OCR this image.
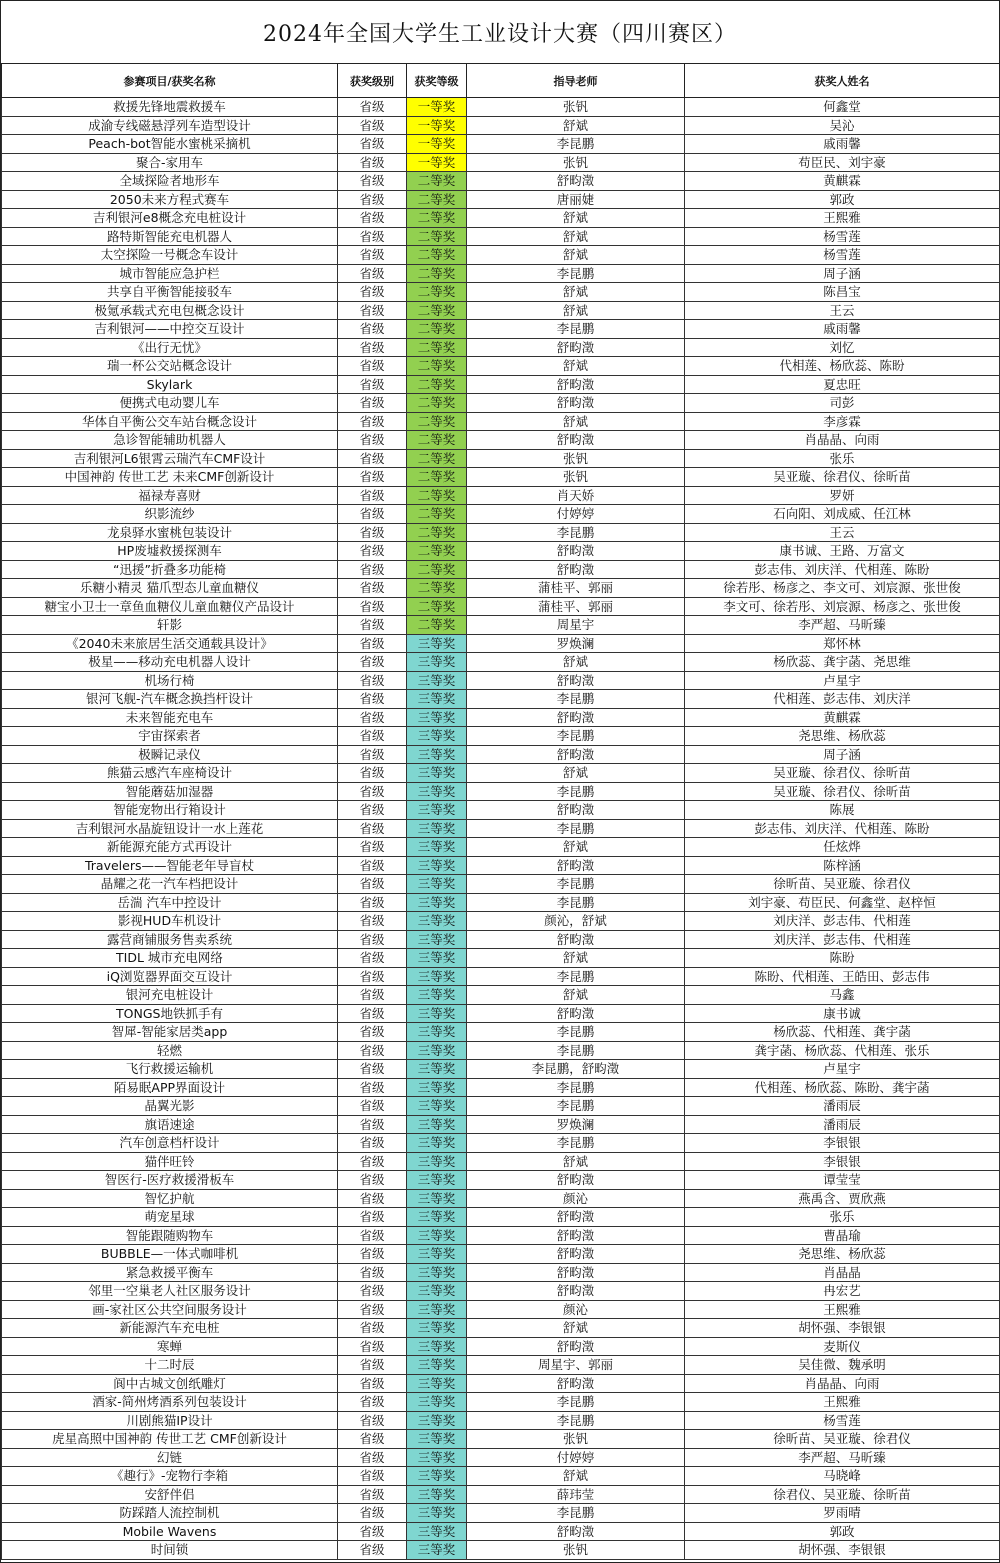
2024年全国大学生工业设计大赛（四川赛区）
参赛项目/获奖名称	获奖级别	获奖等级	指导老师	获奖人姓名
救援先锋地震救援车	省级	一等奖	张钒	何鑫堂
成渝专线磁悬浮列车造型设计	省级	一等奖	舒斌	吴沁
Peach-bot智能水蜜桃采摘机	省级	一等奖	李昆鹏	戚雨馨
聚合-家用车	省级	一等奖	张钒	苟臣民、刘宇豪
全域探险者地形车	省级	二等奖	舒畇澂	黄麒霖
2050未来方程式赛车	省级	二等奖	唐丽婕	郭政
吉利银河e8概念充电桩设计	省级	二等奖	舒斌	王熙雅
路特斯智能充电机器人	省级	二等奖	舒斌	杨雪莲
太空探险一号概念车设计	省级	二等奖	舒斌	杨雪莲
城市智能应急护栏	省级	二等奖	李昆鹏	周子涵
共享自平衡智能接驳车	省级	二等奖	舒斌	陈昌宝
极氪承载式充电包概念设计	省级	二等奖	舒斌	王云
吉利银河——中控交互设计	省级	二等奖	李昆鹏	戚雨馨
《出行无忧》	省级	二等奖	舒畇澂	刘忆
瑞一杯公交站概念设计	省级	二等奖	舒斌	代相莲、杨欣蕊、陈盼
Skylark	省级	二等奖	舒畇澂	夏忠旺
便携式电动婴儿车	省级	二等奖	舒畇澂	司彭
华体自平衡公交车站台概念设计	省级	二等奖	舒斌	李彦霖
急诊智能辅助机器人	省级	二等奖	舒畇澂	肖晶晶、向雨
吉利银河L6银霄云瑞汽车CMF设计	省级	二等奖	张钒	张乐
中国神韵 传世工艺 未来CMF创新设计	省级	二等奖	张钒	吴亚璇、徐君仪、徐昕苗
福禄寿喜财	省级	二等奖	肖天娇	罗妍
织影流纱	省级	二等奖	付婷婷	石向阳、刘成威、任江林
龙泉驿水蜜桃包装设计	省级	二等奖	李昆鹏	王云
HP废墟救援探测车	省级	二等奖	舒畇澂	康书诚、王路、万富文
“迅援”折叠多功能椅	省级	二等奖	舒畇澂	彭志伟、刘庆洋、代相莲、陈盼
乐糖小精灵 猫爪型态儿童血糖仪	省级	二等奖	蒲桂平、郭丽	徐若彤、杨彦之、李文可、刘宸源、张世俊
糖宝小卫士一章鱼血糖仪儿童血糖仪产品设计	省级	二等奖	蒲桂平、郭丽	李文可、徐若彤、刘宸源、杨彦之、张世俊
轩影	省级	二等奖	周星宇	李严超、马昕臻
《2040未来旅居生活交通载具设计》	省级	三等奖	罗焕澜	郑怀林
极星——移动充电机器人设计	省级	三等奖	舒斌	杨欣蕊、龚宇菡、尧思维
机场行椅	省级	三等奖	舒畇澂	卢星宇
银河飞舰-汽车概念换挡杆设计	省级	三等奖	李昆鹏	代相莲、彭志伟、刘庆洋
未来智能充电车	省级	三等奖	舒畇澂	黄麒霖
宇宙探索者	省级	三等奖	李昆鹏	尧思维、杨欣蕊
极瞬记录仪	省级	三等奖	舒畇澂	周子涵
熊猫云感汽车座椅设计	省级	三等奖	舒斌	吴亚璇、徐君仪、徐昕苗
智能蘑菇加湿器	省级	三等奖	李昆鹏	吴亚璇、徐君仪、徐昕苗
智能宠物出行箱设计	省级	三等奖	舒畇澂	陈展
吉利银河水晶旋钮设计一水上莲花	省级	三等奖	李昆鹏	彭志伟、刘庆洋、代相莲、陈盼
新能源充能方式再设计	省级	三等奖	舒斌	任炫烨
Travelers——智能老年导盲杖	省级	三等奖	舒畇澂	陈梓涵
晶耀之花一汽车档把设计	省级	三等奖	李昆鹏	徐昕苗、吴亚璇、徐君仪
岳湍 汽车中控设计	省级	三等奖	李昆鹏	刘宇豪、苟臣民、何鑫堂、赵梓恒
影视HUD车机设计	省级	三等奖	颜沁，舒斌	刘庆洋、彭志伟、代相莲
露营商铺服务售卖系统	省级	三等奖	舒畇澂	刘庆洋、彭志伟、代相莲
TIDL 城市充电网络	省级	三等奖	舒斌	陈盼
iQ浏览器界面交互设计	省级	三等奖	李昆鹏	陈盼、代相莲、王皓田、彭志伟
银河充电桩设计	省级	三等奖	舒斌	马鑫
TONGS地铁抓手有	省级	三等奖	舒畇澂	康书诚
智犀-智能家居类app	省级	三等奖	李昆鹏	杨欣蕊、代相莲、龚宇菡
轻燃	省级	三等奖	李昆鹏	龚宇菡、杨欣蕊、代相莲、张乐
飞行救援运输机	省级	三等奖	李昆鹏，舒畇澂	卢星宇
陌易眠APP界面设计	省级	三等奖	李昆鹏	代相莲、杨欣蕊、陈盼、龚宇菡
晶翼光影	省级	三等奖	李昆鹏	潘雨辰
旗语速途	省级	三等奖	罗焕澜	潘雨辰
汽车创意档杆设计	省级	三等奖	李昆鹏	李银银
猫伴旺铃	省级	三等奖	舒斌	李银银
智医行-医疗救援滑板车	省级	三等奖	舒畇澂	谭莹莹
智忆护航	省级	三等奖	颜沁	燕禹含、贾欣燕
萌宠星球	省级	三等奖	舒畇澂	张乐
智能跟随购物车	省级	三等奖	舒畇澂	曹晶瑜
BUBBLE—一体式咖啡机	省级	三等奖	舒畇澂	尧思维、杨欣蕊
紧急救援平衡车	省级	三等奖	舒畇澂	肖晶晶
邻里一空巢老人社区服务设计	省级	三等奖	舒畇澂	冉宏艺
画-家社区公共空间服务设计	省级	三等奖	颜沁	王熙雅
新能源汽车充电桩	省级	三等奖	舒斌	胡怀强、李银银
寒蝉	省级	三等奖	舒畇澂	麦斯仪
十二时辰	省级	三等奖	周星宇、郭丽	吴佳微、魏承明
阆中古城文创纸雕灯	省级	三等奖	舒畇澂	肖晶晶、向雨
酒家-简州烤酒系列包装设计	省级	三等奖	李昆鹏	王熙雅
川剧熊猫IP设计	省级	三等奖	李昆鹏	杨雪莲
虎星高照中国神韵 传世工艺 CMF创新设计	省级	三等奖	张钒	徐昕苗、吴亚璇、徐君仪
幻链	省级	三等奖	付婷婷	李严超、马昕臻
《趣行》-宠物行李箱	省级	三等奖	舒斌	马晓峰
安舒伴侣	省级	三等奖	薛玮莹	徐君仪、吴亚璇、徐昕苗
防踩踏人流控制机	省级	三等奖	李昆鹏	罗雨晴
Mobile Wavens	省级	三等奖	舒畇澂	郭政
时间锁	省级	三等奖	张钒	胡怀强、李银银
